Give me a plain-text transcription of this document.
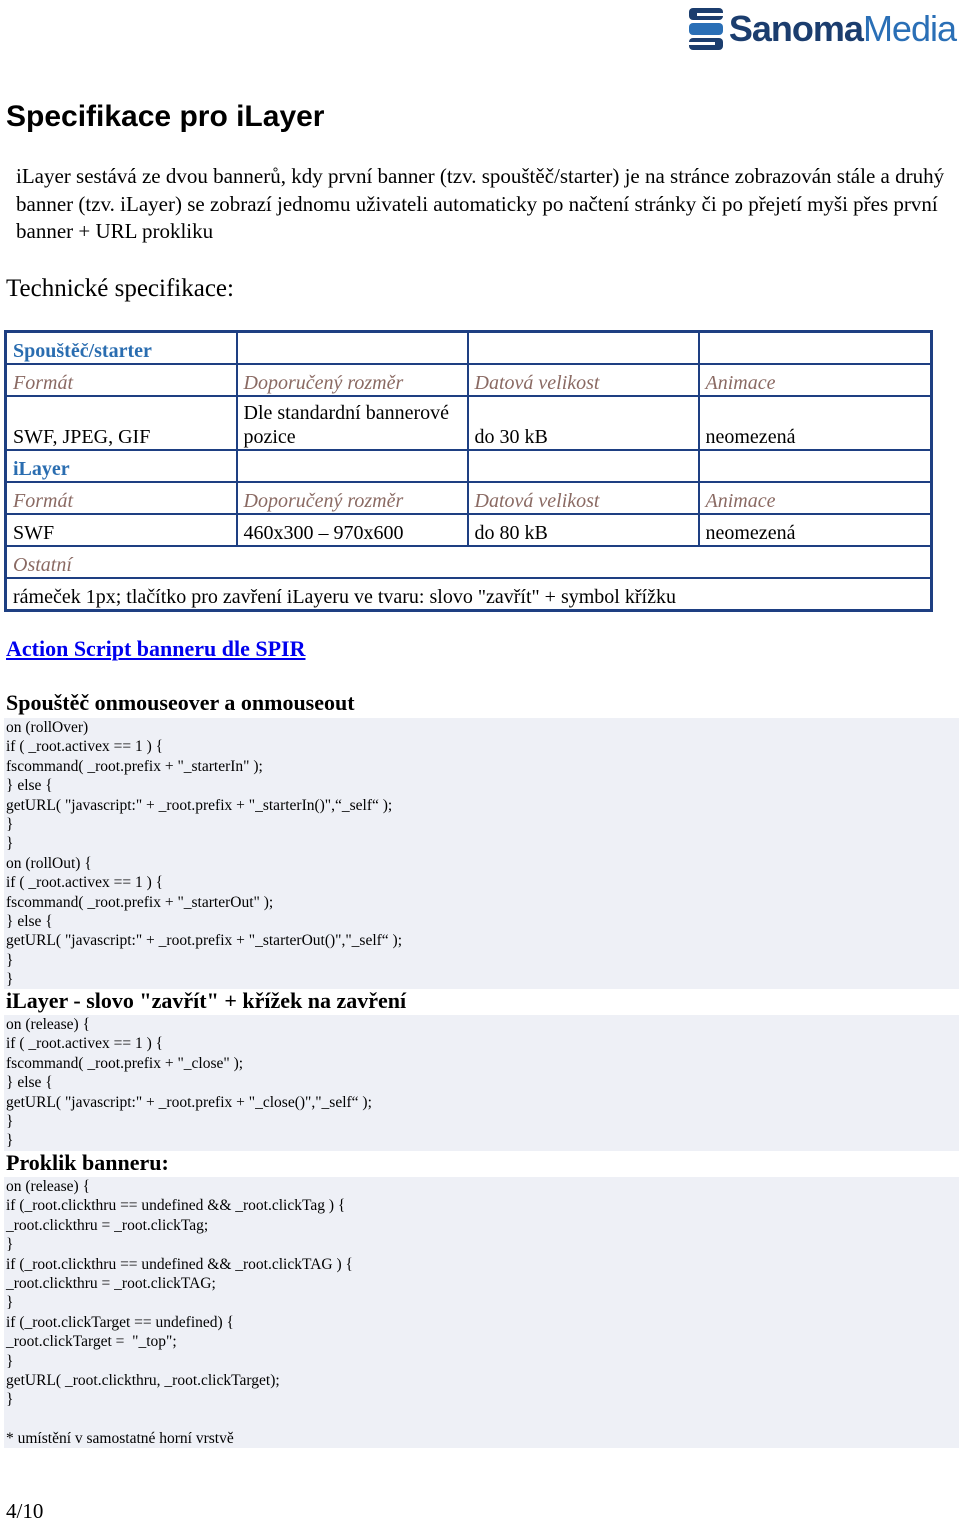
SanomaMedia
Specifikace pro iLayer

iLayer sestává ze dvou bannerů, kdy první banner (tzv. spouštěč/starter) je na stránce zobrazován stále a druhý banner (tzv. iLayer) se zobrazí jednomu uživateli automaticky po načtení stránky či po přejetí myši přes první banner + URL prokliku

Technické specifikace:

Spouštěč/starter			
Formát	Doporučený rozměr	Datová velikost	Animace
SWF, JPEG, GIF	Dle standardní bannerové pozice	do 30 kB	neomezená
iLayer			
Formát	Doporučený rozměr	Datová velikost	Animace
SWF	460x300 – 970x600	do 80 kB	neomezená
Ostatní			
rámeček 1px; tlačítko pro zavření iLayeru ve tvaru: slovo "zavřít" + symbol křížku			
Action Script banneru dle SPIR

Spouštěč onmouseover a onmouseout

on (rollOver)
if ( _root.activex == 1 ) {
fscommand( _root.prefix + "_starterIn" );
} else {
getURL( "javascript:" + _root.prefix + "_starterIn()",“_self“ );
}
}
on (rollOut) {
if ( _root.activex == 1 ) {
fscommand( _root.prefix + "_starterOut" );
} else {
getURL( "javascript:" + _root.prefix + "_starterOut()","_self“ );
}
}

iLayer - slovo "zavřít" + křížek na zavření

on (release) {
if ( _root.activex == 1 ) {
fscommand( _root.prefix + "_close" );
} else {
getURL( "javascript:" + _root.prefix + "_close()","_self“ );
}
}

Proklik banneru:

on (release) {
if (_root.clickthru == undefined && _root.clickTag ) {
_root.clickthru = _root.clickTag;
}
if (_root.clickthru == undefined && _root.clickTAG ) {
_root.clickthru = _root.clickTAG;
}
if (_root.clickTarget == undefined) {
_root.clickTarget =  "_top";
}
getURL( _root.clickthru, _root.clickTarget);
}
* umístění v samostatné horní vrstvě
4/10
